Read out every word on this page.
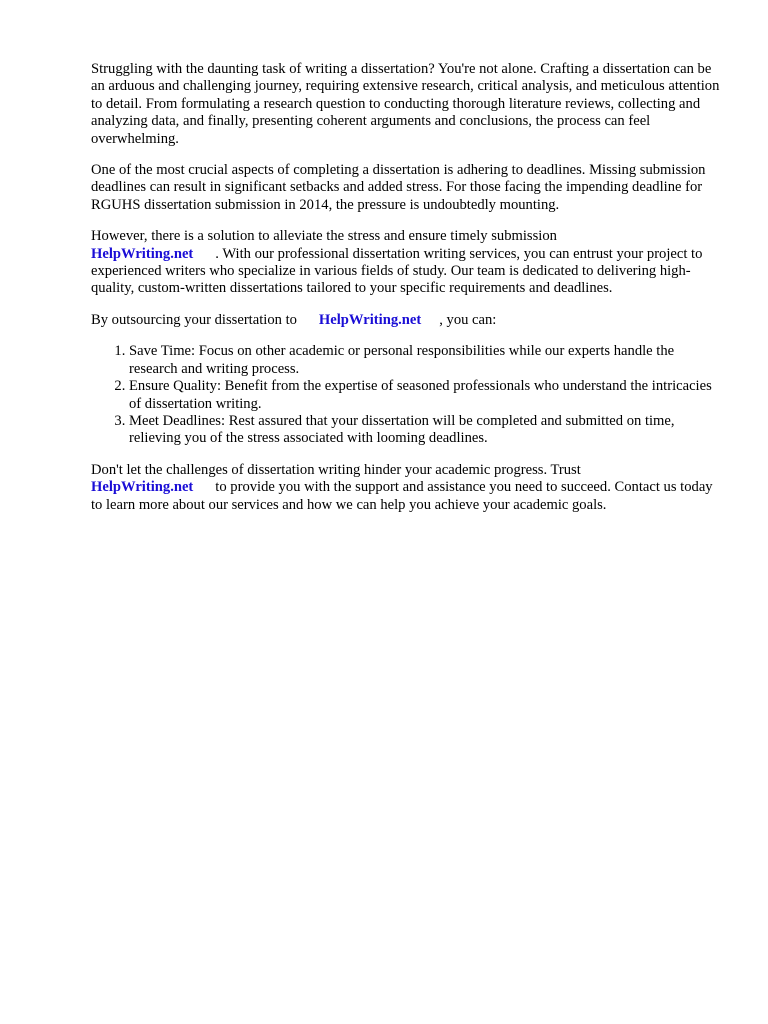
Struggling with the daunting task of writing a dissertation? You're not alone. Crafting a dissertation can be an arduous and challenging journey, requiring extensive research, critical analysis, and meticulous attention to detail. From formulating a research question to conducting thorough literature reviews, collecting and analyzing data, and finally, presenting coherent arguments and conclusions, the process can feel overwhelming.

One of the most crucial aspects of completing a dissertation is adhering to deadlines. Missing submission deadlines can result in significant setbacks and added stress. For those facing the impending deadline for RGUHS dissertation submission in 2014, the pressure is undoubtedly mounting.

However, there is a solution to alleviate the stress and ensure timely submission
HelpWriting.net . With our professional dissertation writing services, you can entrust your project to experienced writers who specialize in various fields of study. Our team is dedicated to delivering high-quality, custom-written dissertations tailored to your specific requirements and deadlines.

By outsourcing your dissertation to HelpWriting.net , you can:

1. Save Time: Focus on other academic or personal responsibilities while our experts handle the research and writing process.
2. Ensure Quality: Benefit from the expertise of seasoned professionals who understand the intricacies of dissertation writing.
3. Meet Deadlines: Rest assured that your dissertation will be completed and submitted on time, relieving you of the stress associated with looming deadlines.

Don't let the challenges of dissertation writing hinder your academic progress. Trust
HelpWriting.net to provide you with the support and assistance you need to succeed. Contact us today to learn more about our services and how we can help you achieve your academic goals.
